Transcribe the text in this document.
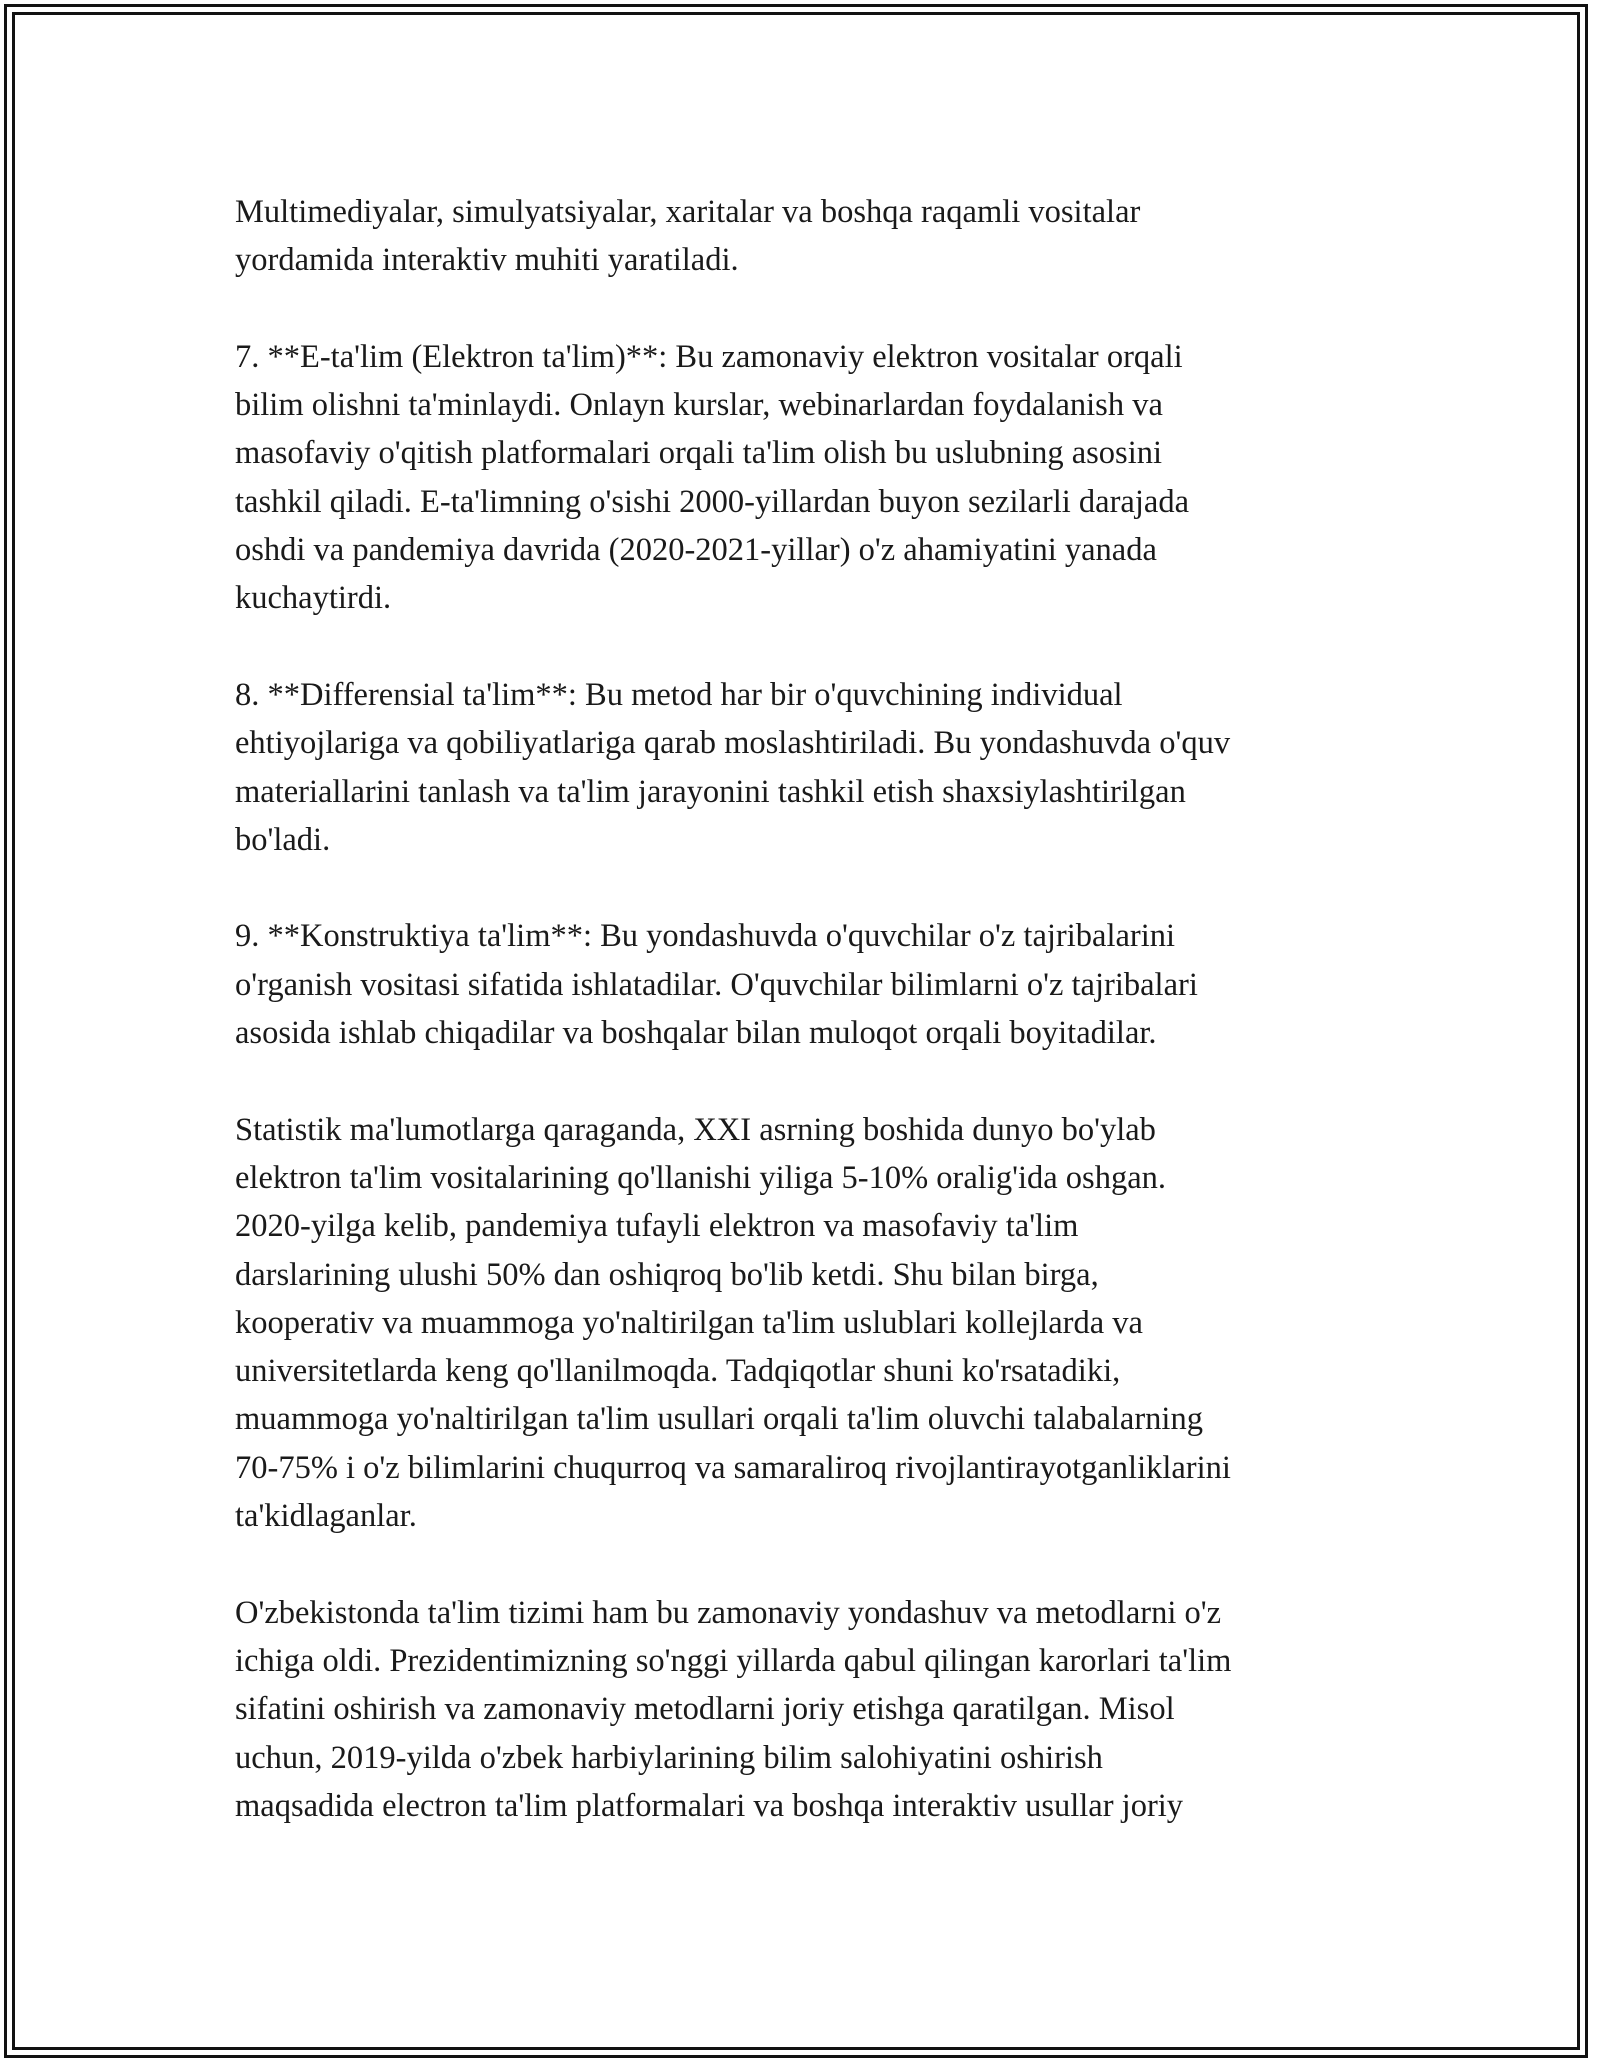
Multimediyalar, simulyatsiyalar, xaritalar va boshqa raqamli vositalar
yordamida interaktiv muhiti yaratiladi.

7. **E-ta'lim (Elektron ta'lim)**: Bu zamonaviy elektron vositalar orqali
bilim olishni ta'minlaydi. Onlayn kurslar, webinarlardan foydalanish va
masofaviy o'qitish platformalari orqali ta'lim olish bu uslubning asosini
tashkil qiladi. E-ta'limning o'sishi 2000-yillardan buyon sezilarli darajada
oshdi va pandemiya davrida (2020-2021-yillar) o'z ahamiyatini yanada
kuchaytirdi.

8. **Differensial ta'lim**: Bu metod har bir o'quvchining individual
ehtiyojlariga va qobiliyatlariga qarab moslashtiriladi. Bu yondashuvda o'quv
materiallarini tanlash va ta'lim jarayonini tashkil etish shaxsiylashtirilgan
bo'ladi.

9. **Konstruktiya ta'lim**: Bu yondashuvda o'quvchilar o'z tajribalarini
o'rganish vositasi sifatida ishlatadilar. O'quvchilar bilimlarni o'z tajribalari
asosida ishlab chiqadilar va boshqalar bilan muloqot orqali boyitadilar.

Statistik ma'lumotlarga qaraganda, XXI asrning boshida dunyo bo'ylab
elektron ta'lim vositalarining qo'llanishi yiliga 5-10% oralig'ida oshgan.
2020-yilga kelib, pandemiya tufayli elektron va masofaviy ta'lim
darslarining ulushi 50% dan oshiqroq bo'lib ketdi. Shu bilan birga,
kooperativ va muammoga yo'naltirilgan ta'lim uslublari kollejlarda va
universitetlarda keng qo'llanilmoqda. Tadqiqotlar shuni ko'rsatadiki,
muammoga yo'naltirilgan ta'lim usullari orqali ta'lim oluvchi talabalarning
70-75% i o'z bilimlarini chuqurroq va samaraliroq rivojlantirayotganliklarini
ta'kidlaganlar.

O'zbekistonda ta'lim tizimi ham bu zamonaviy yondashuv va metodlarni o'z
ichiga oldi. Prezidentimizning so'nggi yillarda qabul qilingan karorlari ta'lim
sifatini oshirish va zamonaviy metodlarni joriy etishga qaratilgan. Misol
uchun, 2019-yilda o'zbek harbiylarining bilim salohiyatini oshirish
maqsadida electron ta'lim platformalari va boshqa interaktiv usullar joriy
